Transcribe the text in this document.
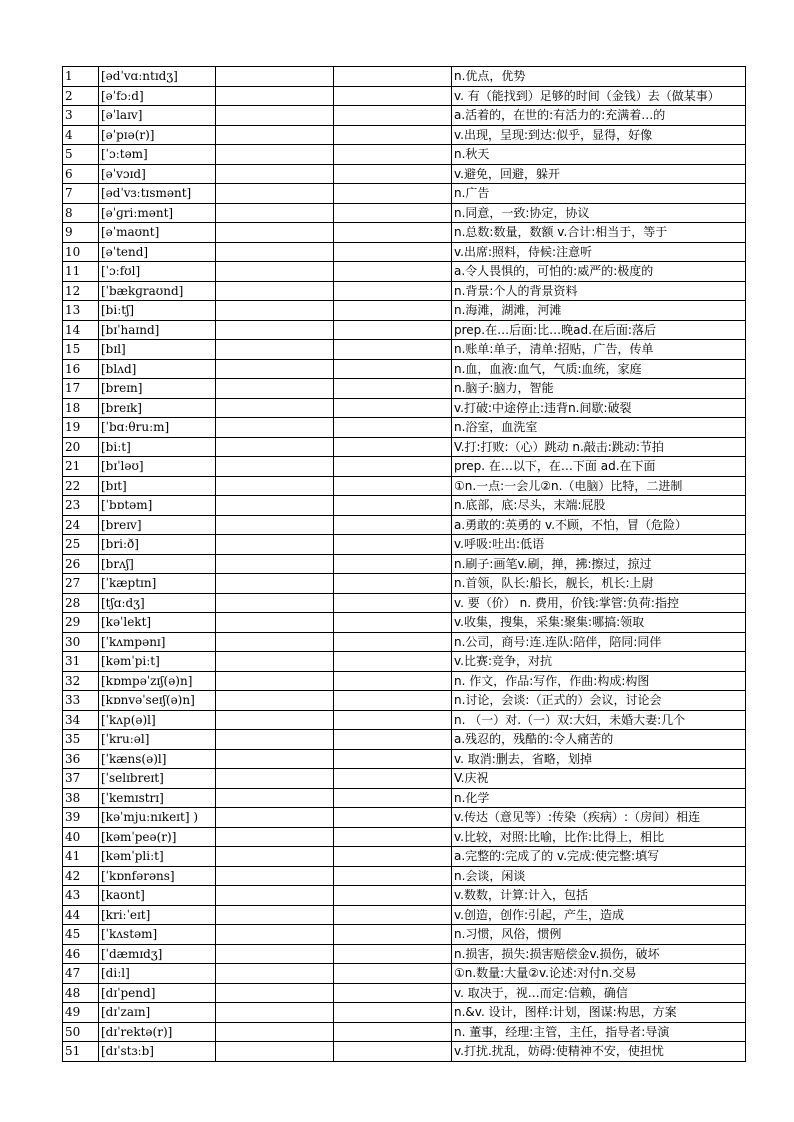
1	[ədˈvɑːntɪdʒ]			n.优点，优势
2	[əˈfɔːd]			v. 有（能找到）足够的时间（金钱）去（做某事）
3	[əˈlaɪv]			a.活着的，在世的:有活力的:充满着…的
4	[əˈpɪə(r)]			v.出现，呈现:到达:似乎，显得，好像
5	[ˈɔːtəm]			n.秋天
6	[əˈvɔɪd]			v.避免，回避，躲开
7	[ədˈvɜːtɪsmənt]			n.广告
8	[əˈɡriːmənt]			n.同意，一致:协定，协议
9	[əˈmaʊnt]			n.总数:数量，数额 v.合计:相当于，等于
10	[əˈtend]			v.出席:照料，侍候:注意听
11	[ˈɔːfʊl]			a.令人畏惧的，可怕的:威严的:极度的
12	[ˈbækɡraʊnd]			n.背景:个人的背景资料
13	[biːtʃ]			n.海滩，湖滩，河滩
14	[bɪˈhaɪnd]			prep.在…后面:比…晚ad.在后面:落后
15	[bɪl]			n.账单:单子，清单:招贴，广告，传单
16	[blʌd]			n.血，血液:血气，气质:血统，家庭
17	[breɪn]			n.脑子:脑力，智能
18	[breɪk]			v.打破:中途停止:违背n.间歇:破裂
19	[ˈbɑːθruːm]			n.浴室，血洗室
20	[biːt]			V.打:打败:（心）跳动 n.敲击:跳动:节拍
21	[bɪˈləʊ]			prep. 在…以下，在…下面 ad.在下面
22	[bɪt]			①n.一点:一会儿②n.（电脑）比特，二进制
23	[ˈbɒtəm]			n.底部，底:尽头，末端:屁股
24	[breɪv]			a.勇敢的:英勇的 v.不顾，不怕，冒（危险）
25	[briːð]			v.呼吸:吐出:低语
26	[brʌʃ]			n.刷子:画笔v.刷，掸，拂:擦过，掠过
27	[ˈkæptɪn]			n.首领，队长:船长，舰长，机长:上尉
28	[tʃɑːdʒ]			v. 要（价） n. 费用，价钱:掌管:负荷:指控
29	[kəˈlekt]			v.收集，搜集，采集:聚集:哪搞:领取
30	[ˈkʌmpənɪ]			n.公司，商号:连.连队:陪伴，陪同:同伴
31	[kəmˈpiːt]			v.比赛:竞争，对抗
32	[kɒmpəˈzɪʃ(ə)n]			n. 作文，作品:写作，作曲:构成:构图
33	[kɒnvəˈseɪʃ(ə)n]			n.讨论，会谈:（正式的）会议，讨论会
34	[ˈkʌp(ə)l]			n. （一）对.（一）双:大妇，未婚大妻:几个
35	[ˈkruːəl]			a.残忍的，残酷的:令人痛苦的
36	[ˈkæns(ə)l]			v. 取消:删去，省略，划掉
37	[ˈselɪbreɪt]			V.庆祝
38	[ˈkemɪstrɪ]			n.化学
39	[kəˈmjuːnɪkeɪt] )			v.传达（意见等）:传染（疾病）:（房间）相连
40	[kəmˈpeə(r)]			v.比较，对照:比喻，比作:比得上，相比
41	[kəmˈpliːt]			a.完整的:完成了的 v.完成:使完整:填写
42	[ˈkɒnfərəns]			n.会谈，闲谈
43	[kaʊnt]			v.数数，计算:计入，包括
44	[kriːˈeɪt]			v.创造，创作:引起，产生，造成
45	[ˈkʌstəm]			n.习惯，风俗，惯例
46	[ˈdæmɪdʒ]			n.损害，损失:损害赔偿金v.损伤，破坏
47	[diːl]			①n.数量:大量②v.论述:对付n.交易
48	[dɪˈpend]			v. 取决于，视…而定:信赖，确信
49	[dɪˈzaɪn]			n.&v. 设计，图样:计划，图谋:构思，方案
50	[dɪˈrektə(r)]			n. 董事，经理:主管，主任，指导者:导演
51	[dɪˈstɜːb]			v.打扰.扰乱，妨碍:使精神不安，使担忧
